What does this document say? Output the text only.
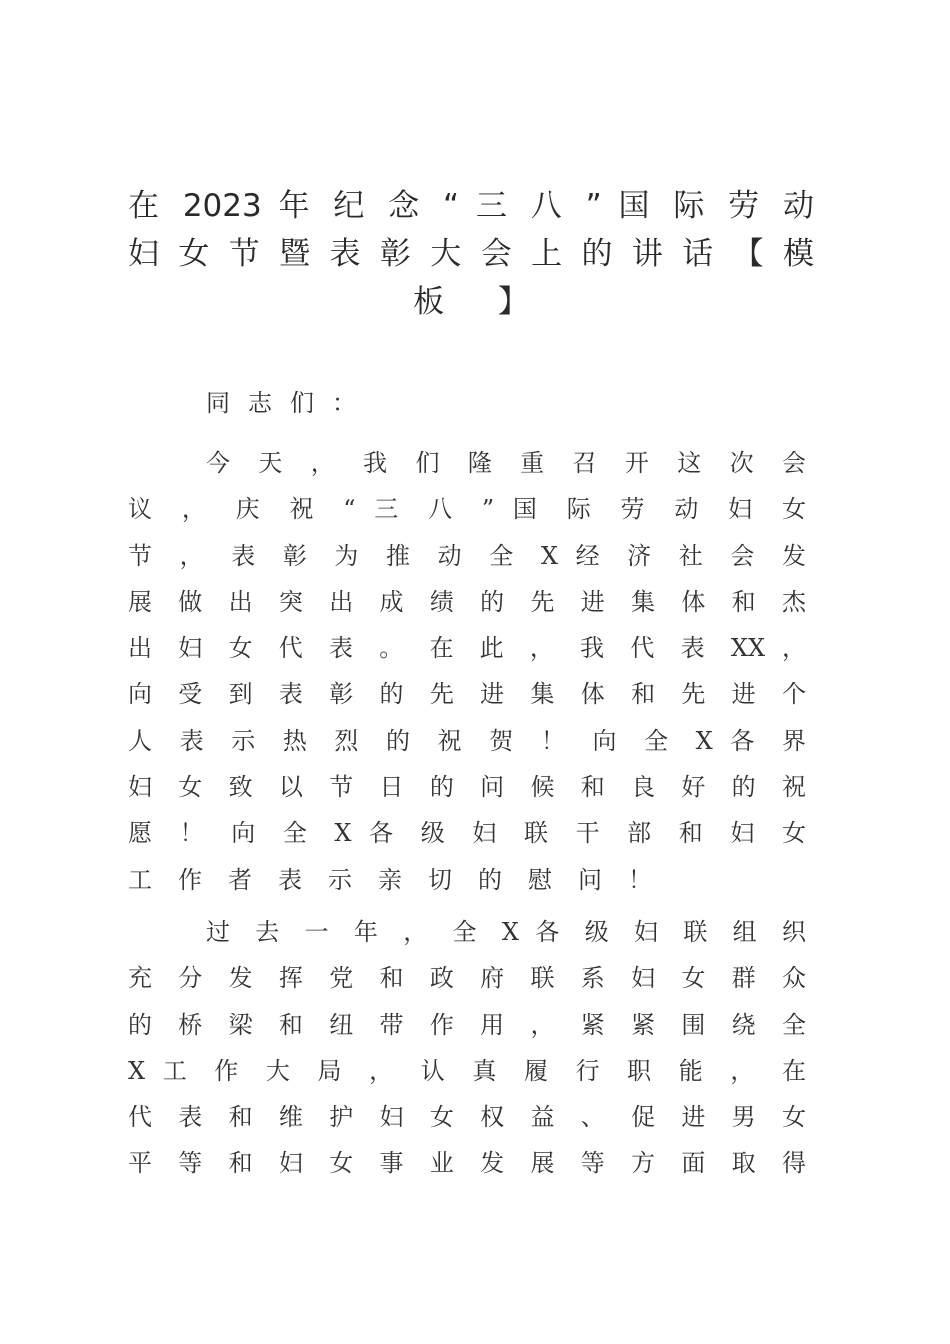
在 2023 年 纪 念 “ 三 八 ” 国 际 劳 动
妇 女 节 暨 表 彰 大 会 上 的 讲 话 【 模
板 】
同志们：
今 天 ， 我 们 隆 重 召 开 这 次 会
议 ， 庆 祝 “ 三 八 ” 国 际 劳 动 妇 女
节 ， 表 彰 为 推 动 全 X 经 济 社 会 发
展 做 出 突 出 成 绩 的 先 进 集 体 和 杰
出 妇 女 代 表 。 在 此 ， 我 代 表 XX ，
向 受 到 表 彰 的 先 进 集 体 和 先 进 个
人 表 示 热 烈 的 祝 贺 ！ 向 全 X 各 界
妇 女 致 以 节 日 的 问 候 和 良 好 的 祝
愿 ！ 向 全 X 各 级 妇 联 干 部 和 妇 女
工作者表示亲切的慰问！
过 去 一 年 ， 全 X 各 级 妇 联 组 织
充 分 发 挥 党 和 政 府 联 系 妇 女 群 众
的 桥 梁 和 纽 带 作 用 ， 紧 紧 围 绕 全
X 工 作 大 局 ， 认 真 履 行 职 能 ， 在
代 表 和 维 护 妇 女 权 益 、 促 进 男 女
平 等 和 妇 女 事 业 发 展 等 方 面 取 得
